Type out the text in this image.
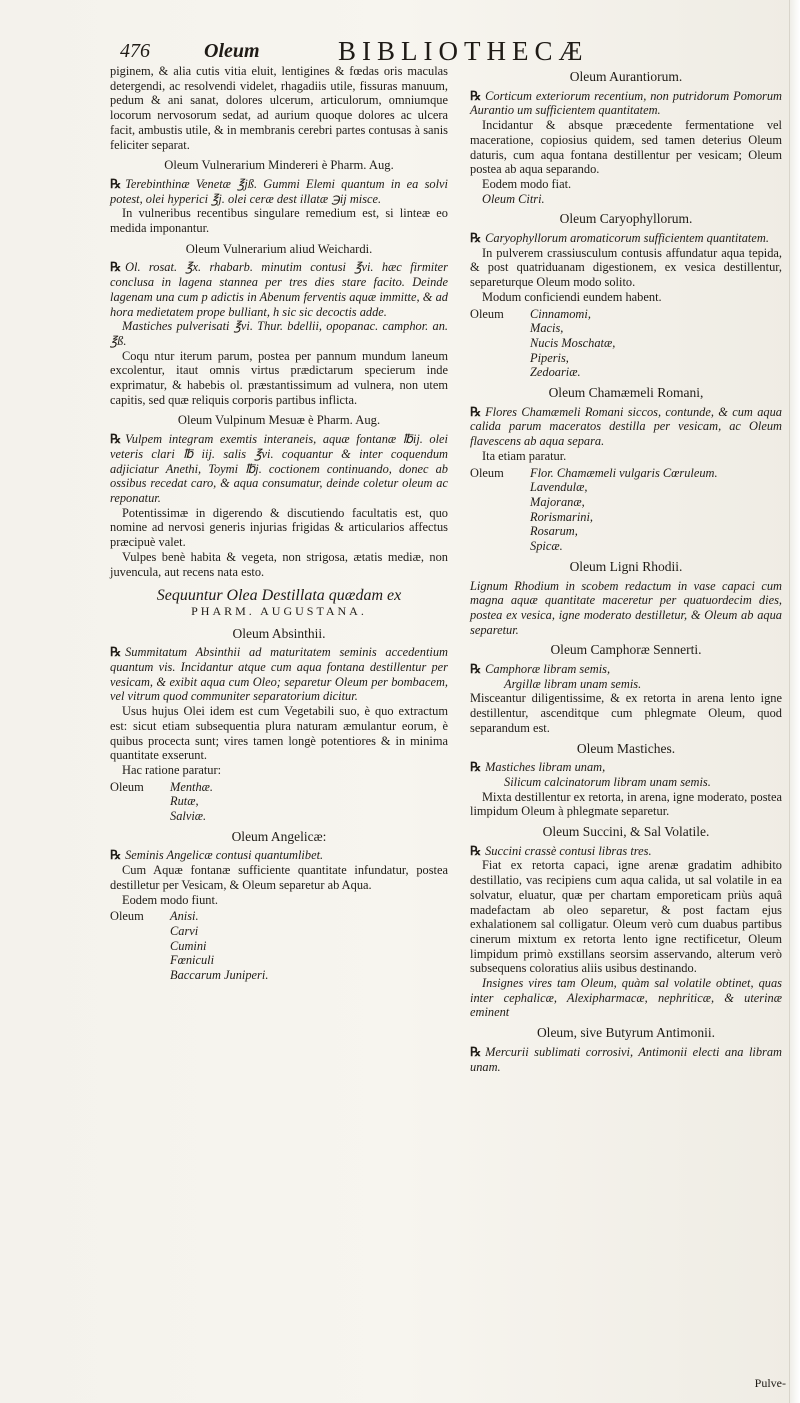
476	Oleum	BIBLIOTHECÆ

piginem, & alia cutis vitia eluit, lentigines & fœdas oris maculas detergendi, ac resolvendi videlet, rhagadiis utile, fissuras manuum, pedum & ani sanat, dolores ulcerum, articulorum, omniumque locorum nervosorum sedat, ad aurium quoque dolores ac ulcera facit, ambustis utile, & in membranis cerebri partes contusas à sanis feliciter separat.

Oleum Vulnerarium Mindereri è Pharm. Aug.

℞ Terebinthinæ Venetæ ℥jß. Gummi Elemi quantum in ea solvi potest, olei hyperici ℥j. olei ceræ dest illatæ ℈ij misce.

In vulneribus recentibus singulare remedium est, si linteæ eo medida imponantur.

Oleum Vulnerarium aliud Weichardi.

℞ Ol. rosat. ℥x. rhabarb. minutim contusi ℥vi. hæc firmiter conclusa in lagena stannea per tres dies stare facito. Deinde lagenam una cum p adictis in Abenum ferventis aquæ immitte, & ad hora medietatem prope bulliant, h sic sic decoctis adde.

Mastiches pulverisati ℥vi. Thur. bdellii, opopanac. camphor. an. ℥ß.

Coqu ntur iterum parum, postea per pannum mundum laneum excolentur, itaut omnis virtus prædictarum specierum inde exprimatur, & habebis ol. præstantissimum ad vulnera, non utem capitis, sed quæ reliquis corporis partibus inflicta.

Oleum Vulpinum Mesuæ è Pharm. Aug.

℞ Vulpem integram exemtis interaneis, aquæ fontanæ ℔ij. olei veteris clari ℔ iij. salis ℥vi. coquantur & inter coquendum adjiciatur Anethi, Toymi ℔j. coctionem continuando, donec ab ossibus recedat caro, & aqua consumatur, deinde coletur oleum ac reponatur.

Potentissimæ in digerendo & discutiendo facultatis est, quo nomine ad nervosi generis injurias frigidas & articularios affectus præcipuè valet.

Vulpes benè habita & vegeta, non strigosa, ætatis mediæ, non juvencula, aut recens nata esto.

Sequuntur Olea Destillata quædam ex
PHARM. AUGUSTANA.
Oleum Absinthii.

℞ Summitatum Absinthii ad maturitatem seminis accedentium quantum vis. Incidantur atque cum aqua fontana destillentur per vesicam, & exibit aqua cum Oleo; separetur Oleum per bombacem, vel vitrum quod communiter separatorium dicitur.

Usus hujus Olei idem est cum Vegetabili suo, è quo extractum est: sicut etiam subsequentia plura naturam æmulantur eorum, è quibus procecta sunt; vires tamen longè potentiores & in minima quantitate exserunt.

Hac ratione paratur:

Oleum	Menthæ.
Rutæ,
Salviæ.
Oleum Angelicæ:

℞ Seminis Angelicæ contusi quantumlibet.

Cum Aquæ fontanæ sufficiente quantitate infundatur, postea destilletur per Vesicam, & Oleum separetur ab Aqua.

Eodem modo fiunt.

Oleum	Anisi.
Carvi
Cumini
Fœniculi
Baccarum Juniperi.
Oleum Aurantiorum.

℞ Corticum exteriorum recentium, non putridorum Pomorum Aurantio um sufficientem quantitatem.

Incidantur & absque præcedente fermentatione vel maceratione, copiosius quidem, sed tamen deterius Oleum daturis, cum aqua fontana destillentur per vesicam; Oleum postea ab aqua separando.

Eodem modo fiat.

Oleum Citri.

Oleum Caryophyllorum.

℞ Caryophyllorum aromaticorum sufficientem quantitatem.

In pulverem crassiusculum contusis affundatur aqua tepida, & post quatriduanam digestionem, ex vesica destillentur, separeturque Oleum modo solito.

Modum conficiendi eundem habent.

Oleum	Cinnamomi,
Macis,
Nucis Moschatæ,
Piperis,
Zedoariæ.
Oleum Chamæmeli Romani,

℞ Flores Chamæmeli Romani siccos, contunde, & cum aqua calida parum maceratos destilla per vesicam, ac Oleum flavescens ab aqua separa.

Ita etiam paratur.

Oleum	Flor. Chamæmeli vulgaris Cœruleum.
Lavendulæ,
Majoranæ,
Rorismarini,
Rosarum,
Spicæ.
Oleum Ligni Rhodii.

Lignum Rhodium in scobem redactum in vase capaci cum magna aquæ quantitate maceretur per quatuordecim dies, postea ex vesica, igne moderato destilletur, & Oleum ab aqua separetur.

Oleum Camphoræ Sennerti.

℞ Camphoræ libram semis,

Argillæ libram unam semis.

Misceantur diligentissime, & ex retorta in arena lento igne destillentur, ascenditque cum phlegmate Oleum, quod separandum est.

Oleum Mastiches.

℞ Mastiches libram unam,

Silicum calcinatorum libram unam semis.

Mixta destillentur ex retorta, in arena, igne moderato, postea limpidum Oleum à phlegmate separetur.

Oleum Succini, & Sal Volatile.

℞ Succini crassè contusi libras tres.

Fiat ex retorta capaci, igne arenæ gradatim adhibito destillatio, vas recipiens cum aqua calida, ut sal volatile in ea solvatur, eluatur, quæ per chartam emporeticam priùs aquâ madefactam ab oleo separetur, & post factam ejus exhalationem sal colligatur. Oleum verò cum duabus partibus cinerum mixtum ex retorta lento igne rectificetur, Oleum limpidum primò exstillans seorsim asservando, alterum verò subsequens coloratius aliis usibus destinando.

Insignes vires tam Oleum, quàm sal volatile obtinet, quas inter cephalicæ, Alexipharmacæ, nephriticæ, & uterinæ eminent

Oleum, sive Butyrum Antimonii.

℞ Mercurii sublimati corrosivi, Antimonii electi ana libram unam.

Pulve-
